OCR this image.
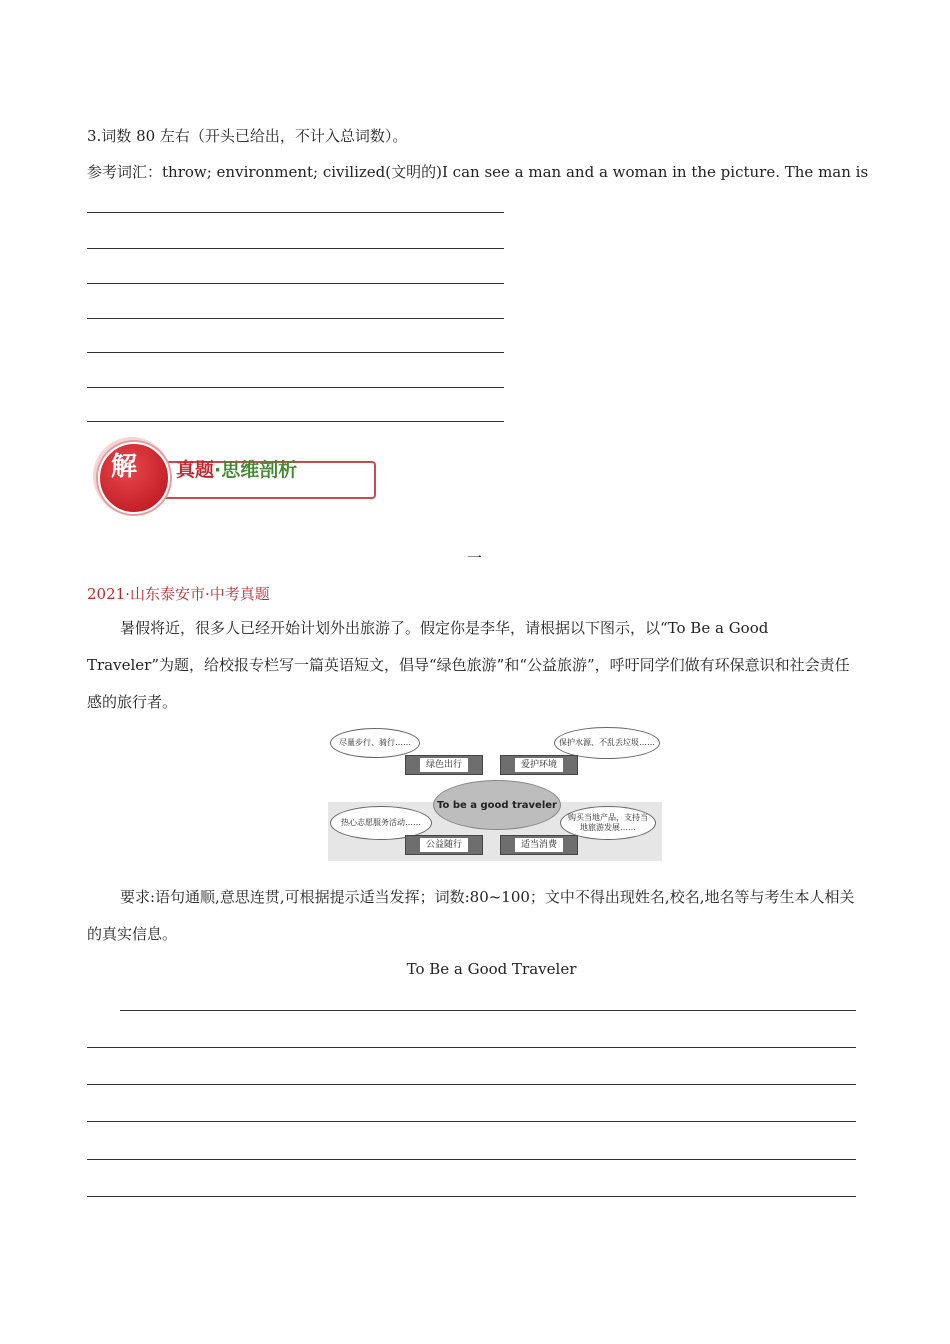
3.词数 80 左右（开头已给出，不计入总词数）。
参考词汇：throw; environment; civilized(文明的)I can see a man and a woman in the picture. The man is
解 真题·思维剖析
一
2021·山东泰安市·中考真题
暑假将近，很多人已经开始计划外出旅游了。假定你是李华，请根据以下图示，以“To Be a Good Traveler”为题，给校报专栏写一篇英语短文，倡导“绿色旅游”和“公益旅游”，呼吁同学们做有环保意识和社会责任感的旅行者。
尽量步行、骑行……	保护水源、不乱丢垃圾……
热心志愿服务活动……
购买当地产品，支持当地旅游发展……
绿色出行	爱护环境
公益随行	适当消费
To be a good traveler
要求:语句通顺,意思连贯,可根据提示适当发挥；词数:80~100；文中不得出现姓名,校名,地名等与考生本人相关的真实信息。
To Be a Good Traveler
